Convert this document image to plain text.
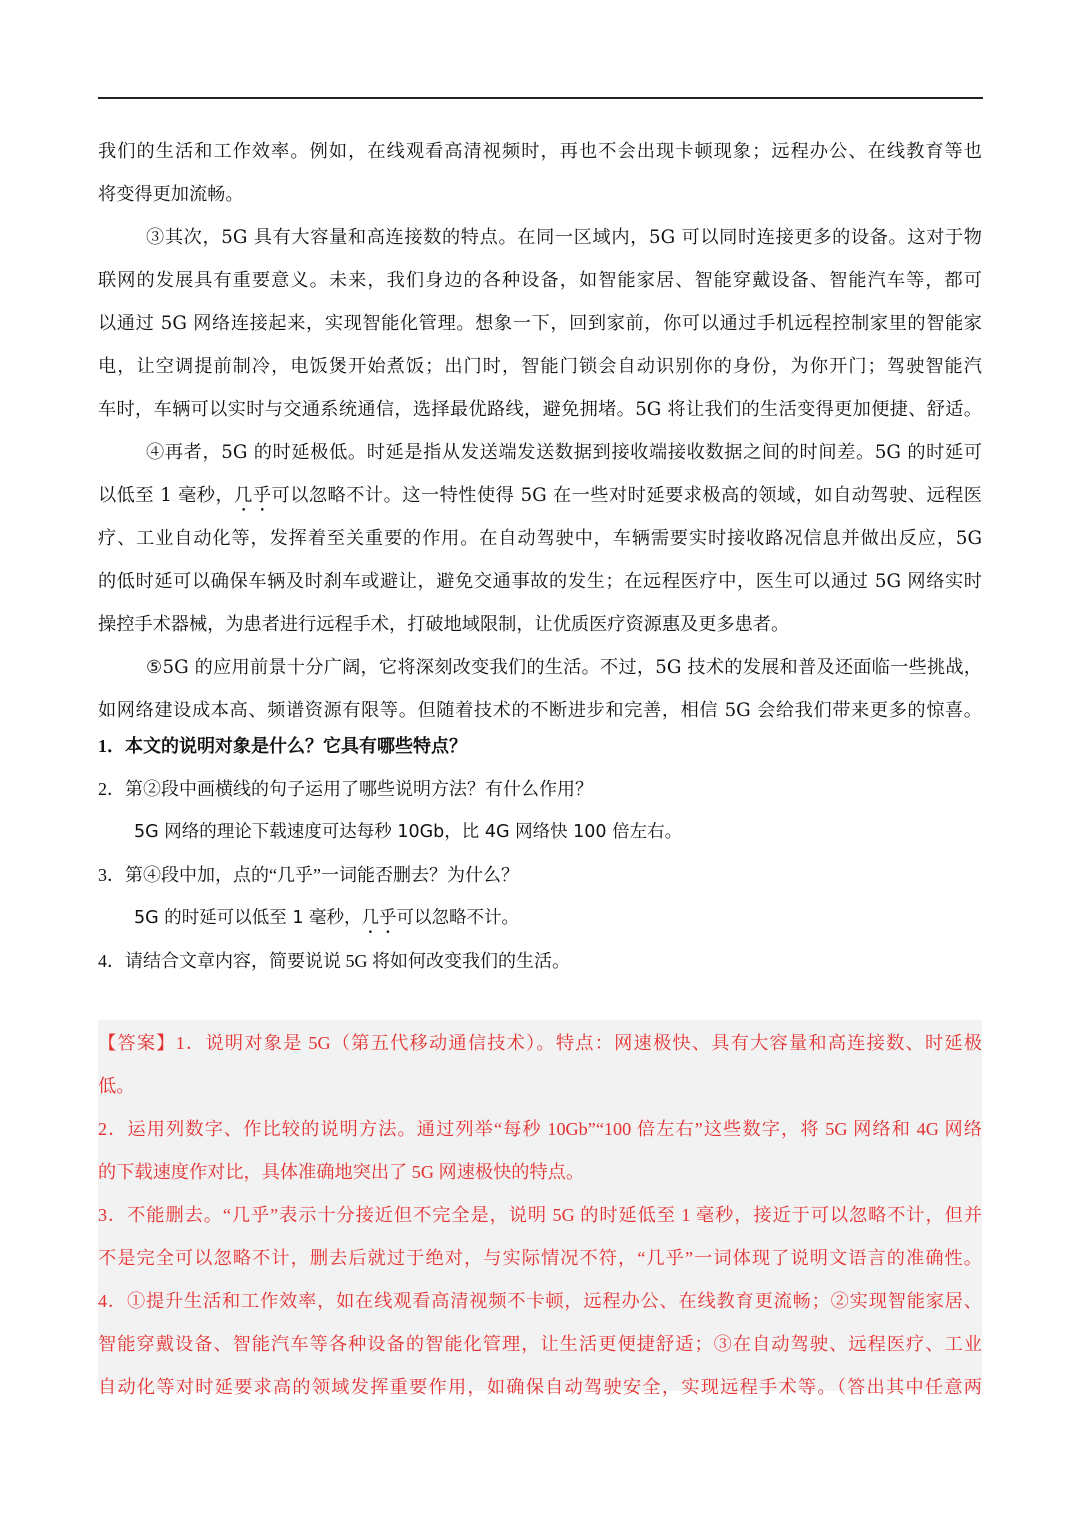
我们的生活和工作效率。例如，在线观看高清视频时，再也不会出现卡顿现象；远程办公、在线教育等也
将变得更加流畅。
③其次，5G 具有大容量和高连接数的特点。在同一区域内，5G 可以同时连接更多的设备。这对于物
联网的发展具有重要意义。未来，我们身边的各种设备，如智能家居、智能穿戴设备、智能汽车等，都可
以通过 5G 网络连接起来，实现智能化管理。想象一下，回到家前，你可以通过手机远程控制家里的智能家
电，让空调提前制冷，电饭煲开始煮饭；出门时，智能门锁会自动识别你的身份，为你开门；驾驶智能汽
车时，车辆可以实时与交通系统通信，选择最优路线，避免拥堵。5G 将让我们的生活变得更加便捷、舒适。
④再者，5G 的时延极低。时延是指从发送端发送数据到接收端接收数据之间的时间差。5G 的时延可
以低至 1 毫秒，几乎可以忽略不计。这一特性使得 5G 在一些对时延要求极高的领域，如自动驾驶、远程医
疗、工业自动化等，发挥着至关重要的作用。在自动驾驶中，车辆需要实时接收路况信息并做出反应，5G
的低时延可以确保车辆及时刹车或避让，避免交通事故的发生；在远程医疗中，医生可以通过 5G 网络实时
操控手术器械，为患者进行远程手术，打破地域限制，让优质医疗资源惠及更多患者。
⑤5G 的应用前景十分广阔，它将深刻改变我们的生活。不过，5G 技术的发展和普及还面临一些挑战，
如网络建设成本高、频谱资源有限等。但随着技术的不断进步和完善，相信 5G 会给我们带来更多的惊喜。
1．本文的说明对象是什么？它具有哪些特点？
2．第②段中画横线的句子运用了哪些说明方法？有什么作用？
5G 网络的理论下载速度可达每秒 10Gb，比 4G 网络快 100 倍左右。
3．第④段中加，点的“几乎”一词能否删去？为什么？
5G 的时延可以低至 1 毫秒，几乎可以忽略不计。
4．请结合文章内容，简要说说 5G 将如何改变我们的生活。
【答案】1．说明对象是 5G（第五代移动通信技术）。特点：网速极快、具有大容量和高连接数、时延极
低。
2．运用列数字、作比较的说明方法。通过列举“每秒 10Gb”“100 倍左右”这些数字，将 5G 网络和 4G 网络
的下载速度作对比，具体准确地突出了 5G 网速极快的特点。
3．不能删去。“几乎”表示十分接近但不完全是，说明 5G 的时延低至 1 毫秒，接近于可以忽略不计，但并
不是完全可以忽略不计，删去后就过于绝对，与实际情况不符，“几乎”一词体现了说明文语言的准确性。
4．①提升生活和工作效率，如在线观看高清视频不卡顿，远程办公、在线教育更流畅；②实现智能家居、
智能穿戴设备、智能汽车等各种设备的智能化管理，让生活更便捷舒适；③在自动驾驶、远程医疗、工业
自动化等对时延要求高的领域发挥重要作用，如确保自动驾驶安全，实现远程手术等。（答出其中任意两
